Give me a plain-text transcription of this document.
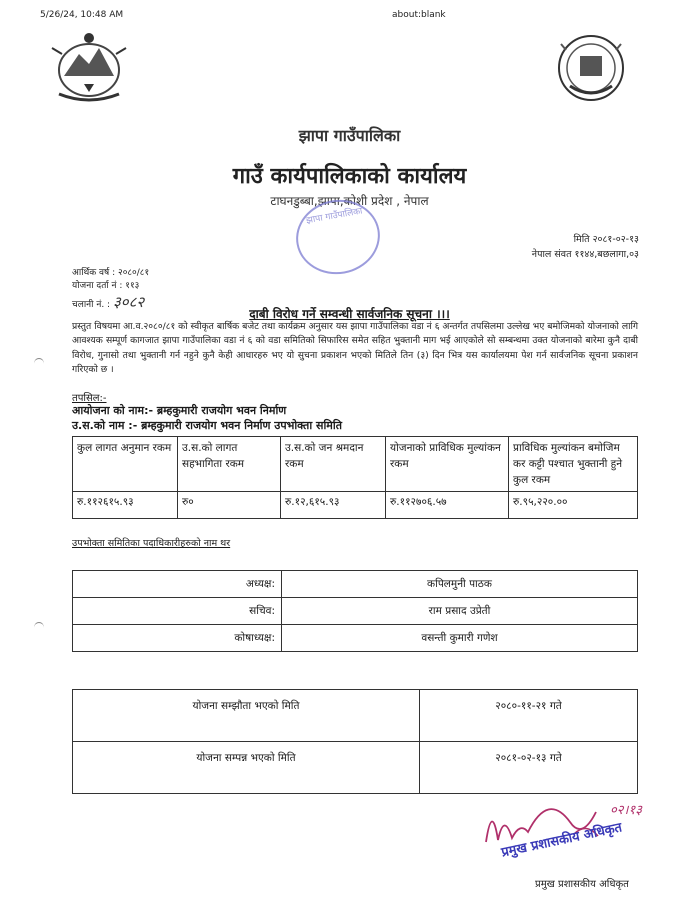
5/26/24, 10:48 AM	about:blank
झापा गाउँपालिका
गाउँ कार्यपालिकाको कार्यालय
टाघनडुब्बा,झापा,कोशी प्रदेश , नेपाल
झापा गाउँपालिका
मिति २०८१-०२-१३
नेपाल संवत ११४४,बछलागा,०३
आर्थिक वर्ष : २०८०/८१
योजना दर्ता नं : ११३
चलानी नं. : ३०८२
दाबी विरोध गर्ने सम्वन्धी सार्वजनिक सूचना ।।।
प्रस्तुत विषयमा आ.व.२०८०/८१ को स्वीकृत बार्षिक बजेट तथा कार्यक्रम अनुसार यस झापा गाउँपालिका वडा नं ६ अन्तर्गत तपसिलमा उल्लेख भए बमोजिमको योजनाको लागि आवश्यक सम्पूर्ण कागजात झापा गाउँपालिका वडा नं ६ को वडा समितिको सिफारिस समेत सहित भुक्तानी माग भई आएकोले सो सम्बन्धमा उक्त योजनाको बारेमा कुनै दाबी विरोध, गुनासो तथा भुक्तानी गर्न नहुने कुनै केही आधारहरु भए यो सुचना प्रकाशन भएको मितिले तिन (३) दिन भित्र यस कार्यालयमा पेश गर्न सार्वजनिक सूचना प्रकाशन गरिएको छ ।
तपसिल:-
आयोजना को नाम:- ब्रम्हकुमारी राजयोग भवन निर्माण
उ.स.को नाम :- ब्रम्हकुमारी राजयोग भवन निर्माण उपभोक्ता समिति
कुल लागत अनुमान रकम	उ.स.को लागत सहभागिता रकम	उ.स.को जन श्रमदान रकम	योजनाको प्राविधिक मुल्यांकन रकम	प्राविधिक मुल्यांकन बमोजिम कर कट्टी पश्चात भुक्तानी हुने कुल रकम
रु.११२६१५.९३	रु०	रु.१२,६१५.९३	रु.११२७०६.५७	रु.९५,२२०.००
उपभोक्ता समितिका पदाधिकारीहरुको नाम थर
अध्यक्ष:	कपिलमुनी पाठक
सचिव:	राम प्रसाद उप्रेती
कोषाध्यक्ष:	वसन्ती कुमारी गणेश
योजना सम्झौता भएको मिति	२०८०-११-२१ गते
योजना सम्पन्न भएको मिति	२०८१-०२-१३ गते
०२।१३
प्रमुख प्रशासकीय अधिकृत
प्रमुख प्रशासकीय अधिकृत
